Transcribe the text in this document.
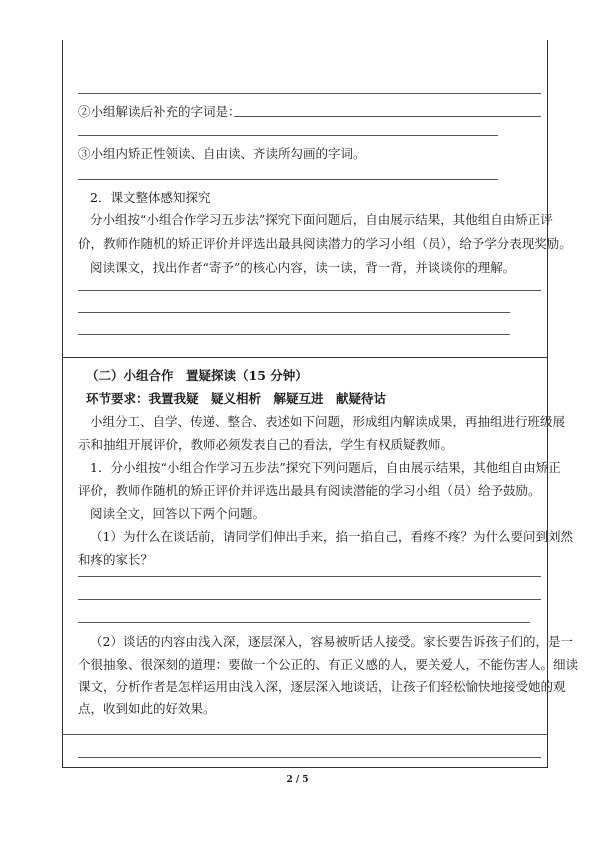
②小组解读后补充的字词是：
③小组内矫正性领读、自由读、齐读所勾画的字词。
2．课文整体感知探究
分小组按“小组合作学习五步法”探究下面问题后，自由展示结果，其他组自由矫正评
价，教师作随机的矫正评价并评选出最具阅读潜力的学习小组（员），给予学分表现奖励。
阅读课文，找出作者“寄予”的核心内容，读一读，背一背，并谈谈你的理解。
（二）小组合作　置疑探读（15 分钟）
环节要求：我置我疑　疑义相析　解疑互进　献疑待诂
小组分工、自学、传递、整合、表述如下问题，形成组内解读成果，再抽组进行班级展
示和抽组开展评价，教师必须发表自己的看法，学生有权质疑教师。
1．分小组按“小组合作学习五步法”探究下列问题后，自由展示结果，其他组自由矫正
评价，教师作随机的矫正评价并评选出最具有阅读潜能的学习小组（员）给予鼓励。
阅读全文，回答以下两个问题。
（1）为什么在谈话前，请同学们伸出手来，掐一掐自己，看疼不疼？为什么要问到刘然
和疼的家长？
（2）谈话的内容由浅入深，逐层深入，容易被听话人接受。家长要告诉孩子们的，是一
个很抽象、很深刻的道理：要做一个公正的、有正义感的人，要关爱人，不能伤害人。细读
课文，分析作者是怎样运用由浅入深，逐层深入地谈话，让孩子们轻松愉快地接受她的观
点，收到如此的好效果。
2 / 5
